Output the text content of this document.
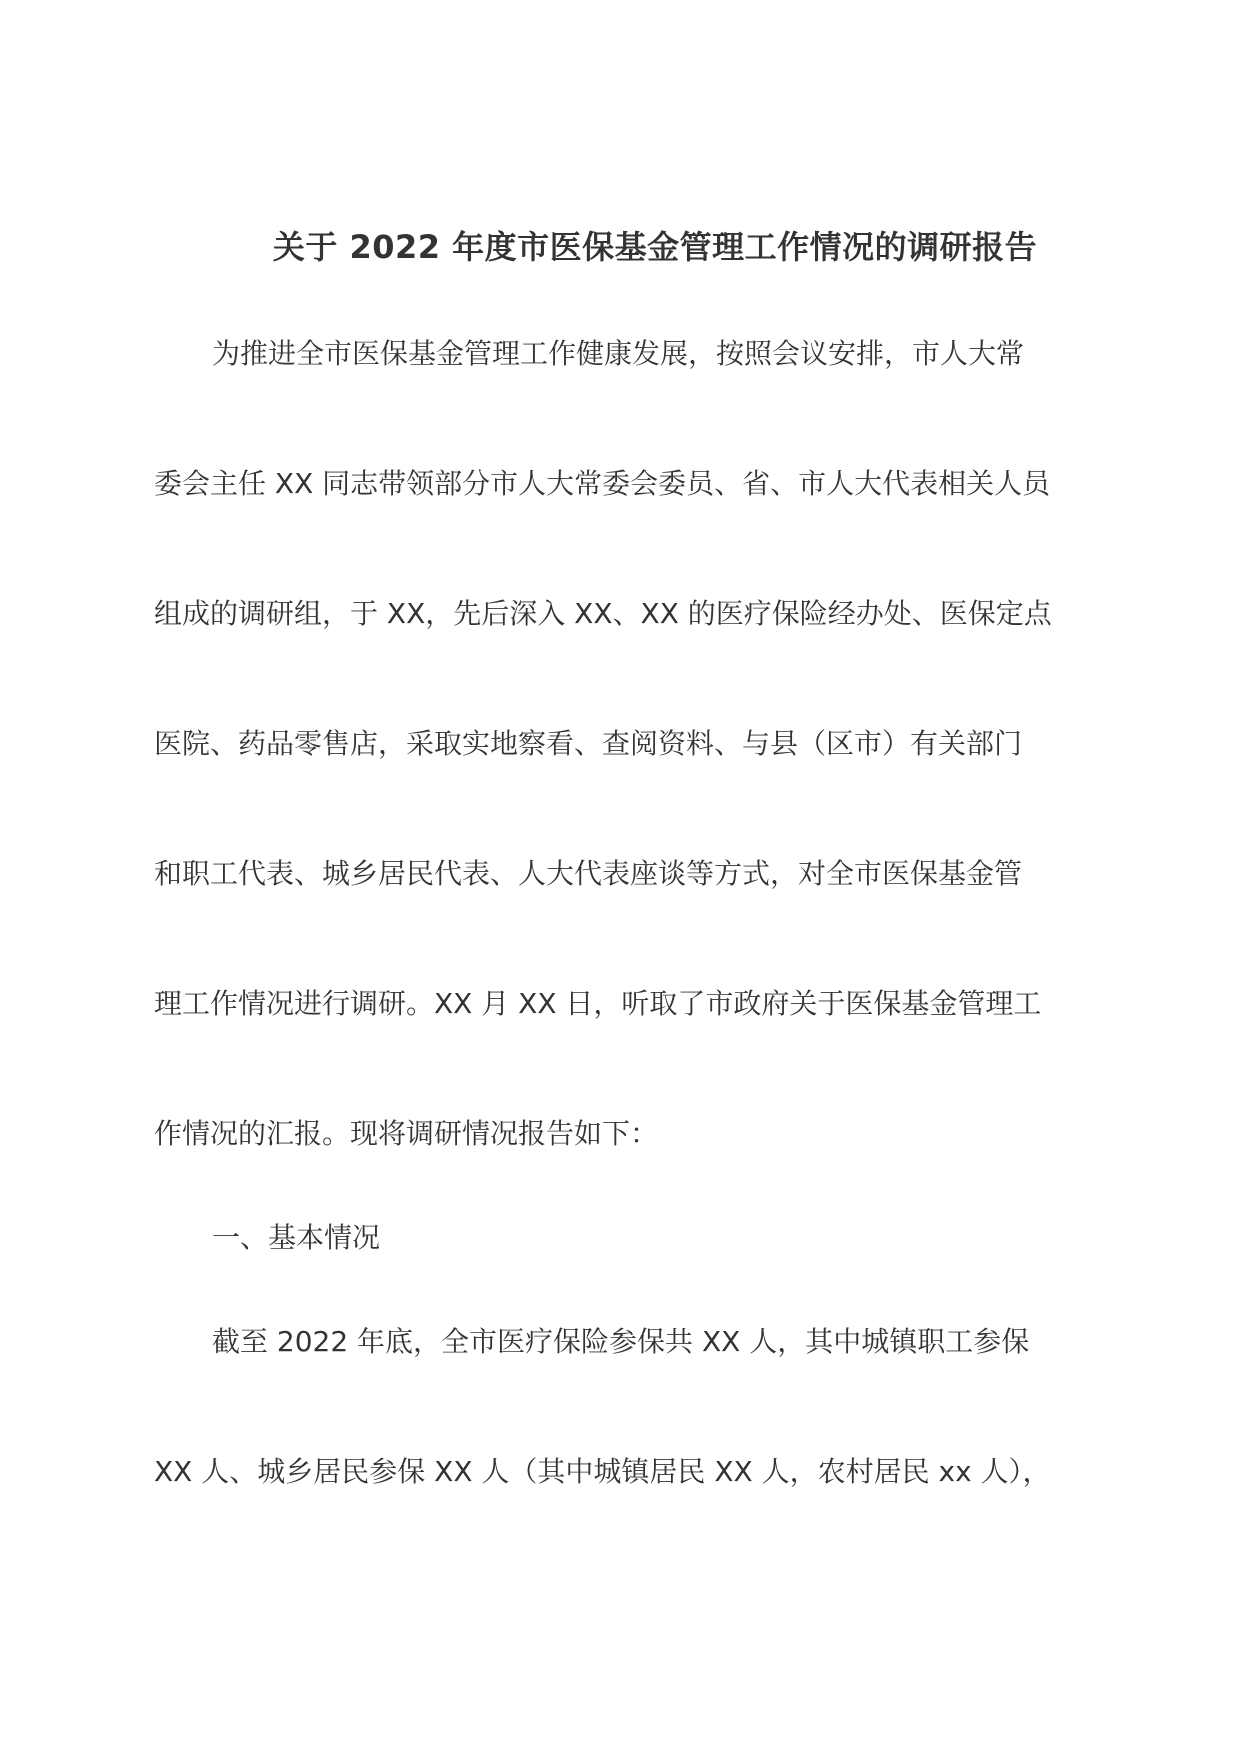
关于 2022 年度市医保基金管理工作情况的调研报告
为推进全市医保基金管理工作健康发展，按照会议安排，市人大常
委会主任 XX 同志带领部分市人大常委会委员、省、市人大代表相关人员
组成的调研组，于 XX，先后深入 XX、XX 的医疗保险经办处、医保定点
医院、药品零售店，采取实地察看、查阅资料、与县（区市）有关部门
和职工代表、城乡居民代表、人大代表座谈等方式，对全市医保基金管
理工作情况进行调研。XX 月 XX 日，听取了市政府关于医保基金管理工
作情况的汇报。现将调研情况报告如下：
一、基本情况
截至 2022 年底，全市医疗保险参保共 XX 人，其中城镇职工参保
XX 人、城乡居民参保 XX 人（其中城镇居民 XX 人，农村居民 xx 人），
